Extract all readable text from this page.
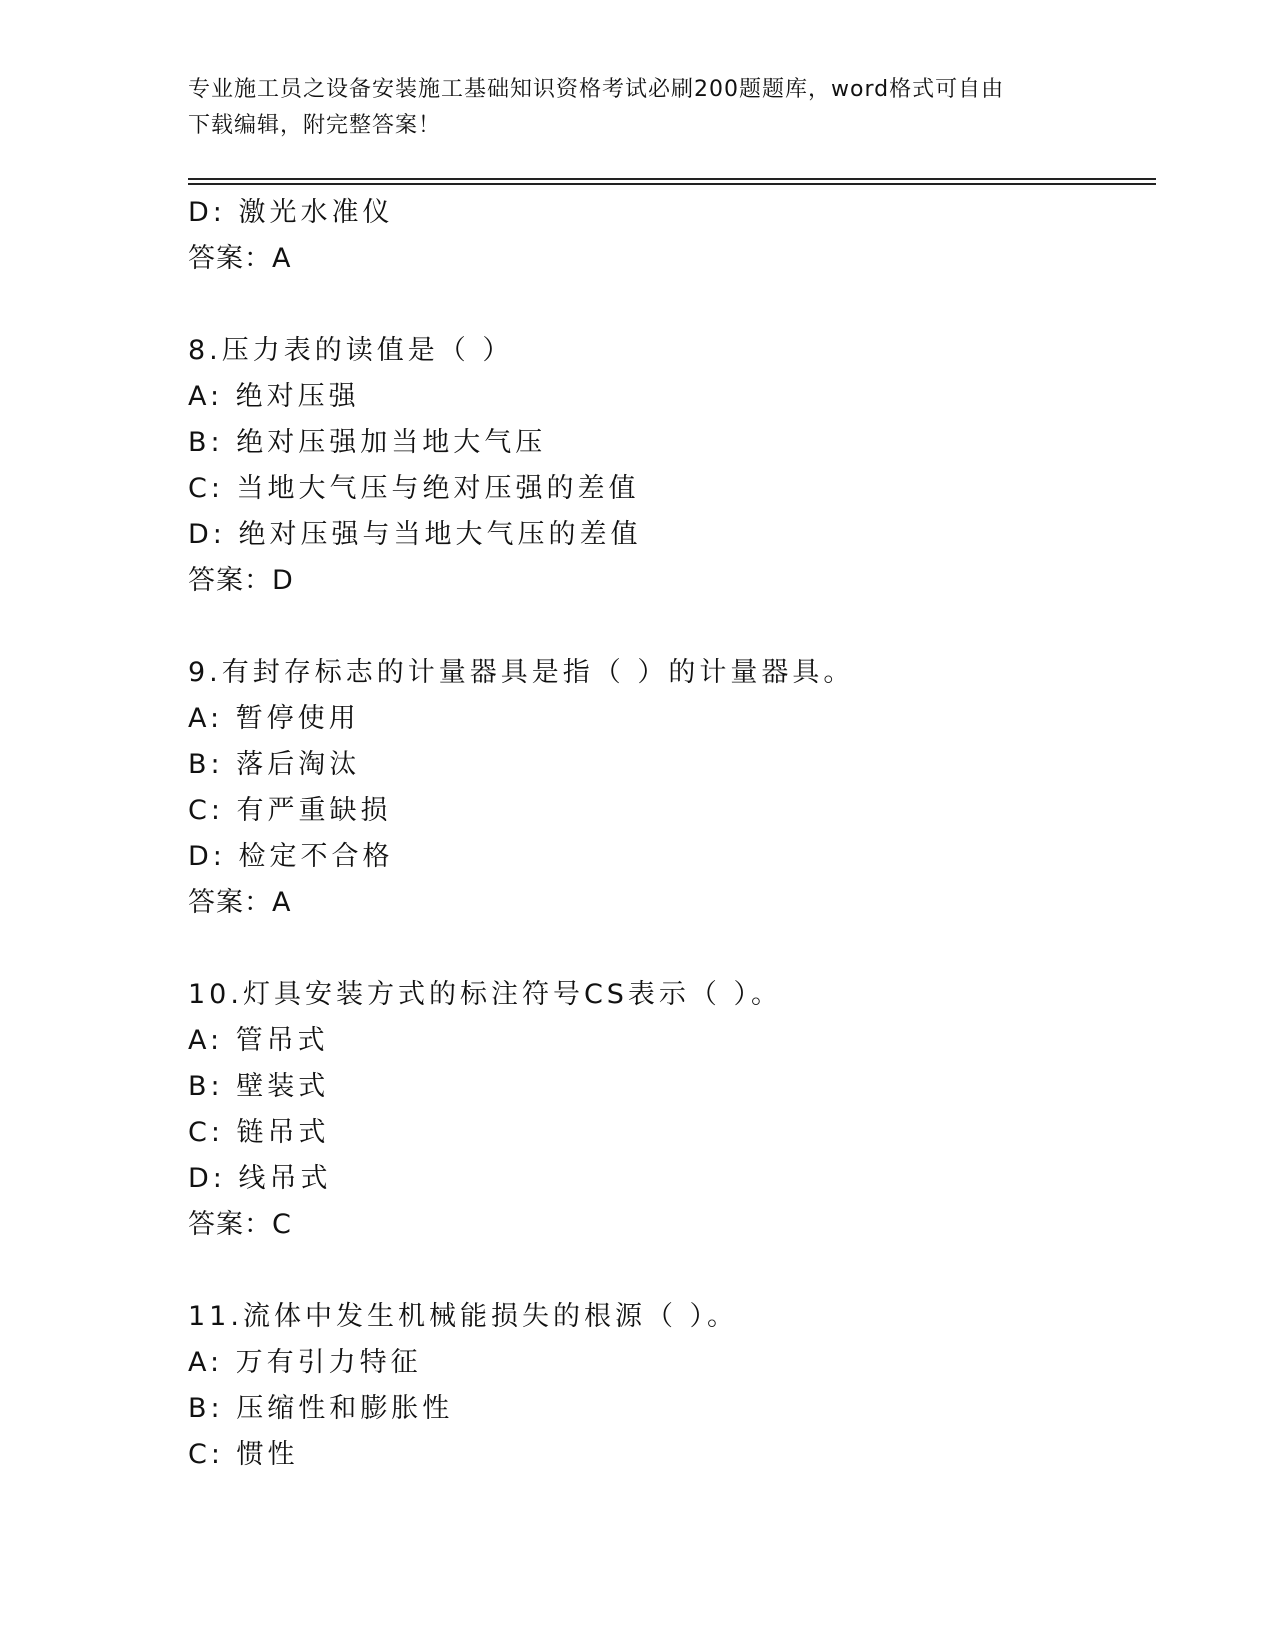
专业施工员之设备安装施工基础知识资格考试必刷200题题库，word格式可自由
下载编辑，附完整答案！
D: 激光水准仪
答案：A
8.压力表的读值是（ ）
A: 绝对压强
B: 绝对压强加当地大气压
C: 当地大气压与绝对压强的差值
D: 绝对压强与当地大气压的差值
答案：D
9.有封存标志的计量器具是指（ ）的计量器具。
A: 暂停使用
B: 落后淘汰
C: 有严重缺损
D: 检定不合格
答案：A
10.灯具安装方式的标注符号CS表示（ ）。
A: 管吊式
B: 壁装式
C: 链吊式
D: 线吊式
答案：C
11.流体中发生机械能损失的根源（ ）。
A: 万有引力特征
B: 压缩性和膨胀性
C: 惯性
